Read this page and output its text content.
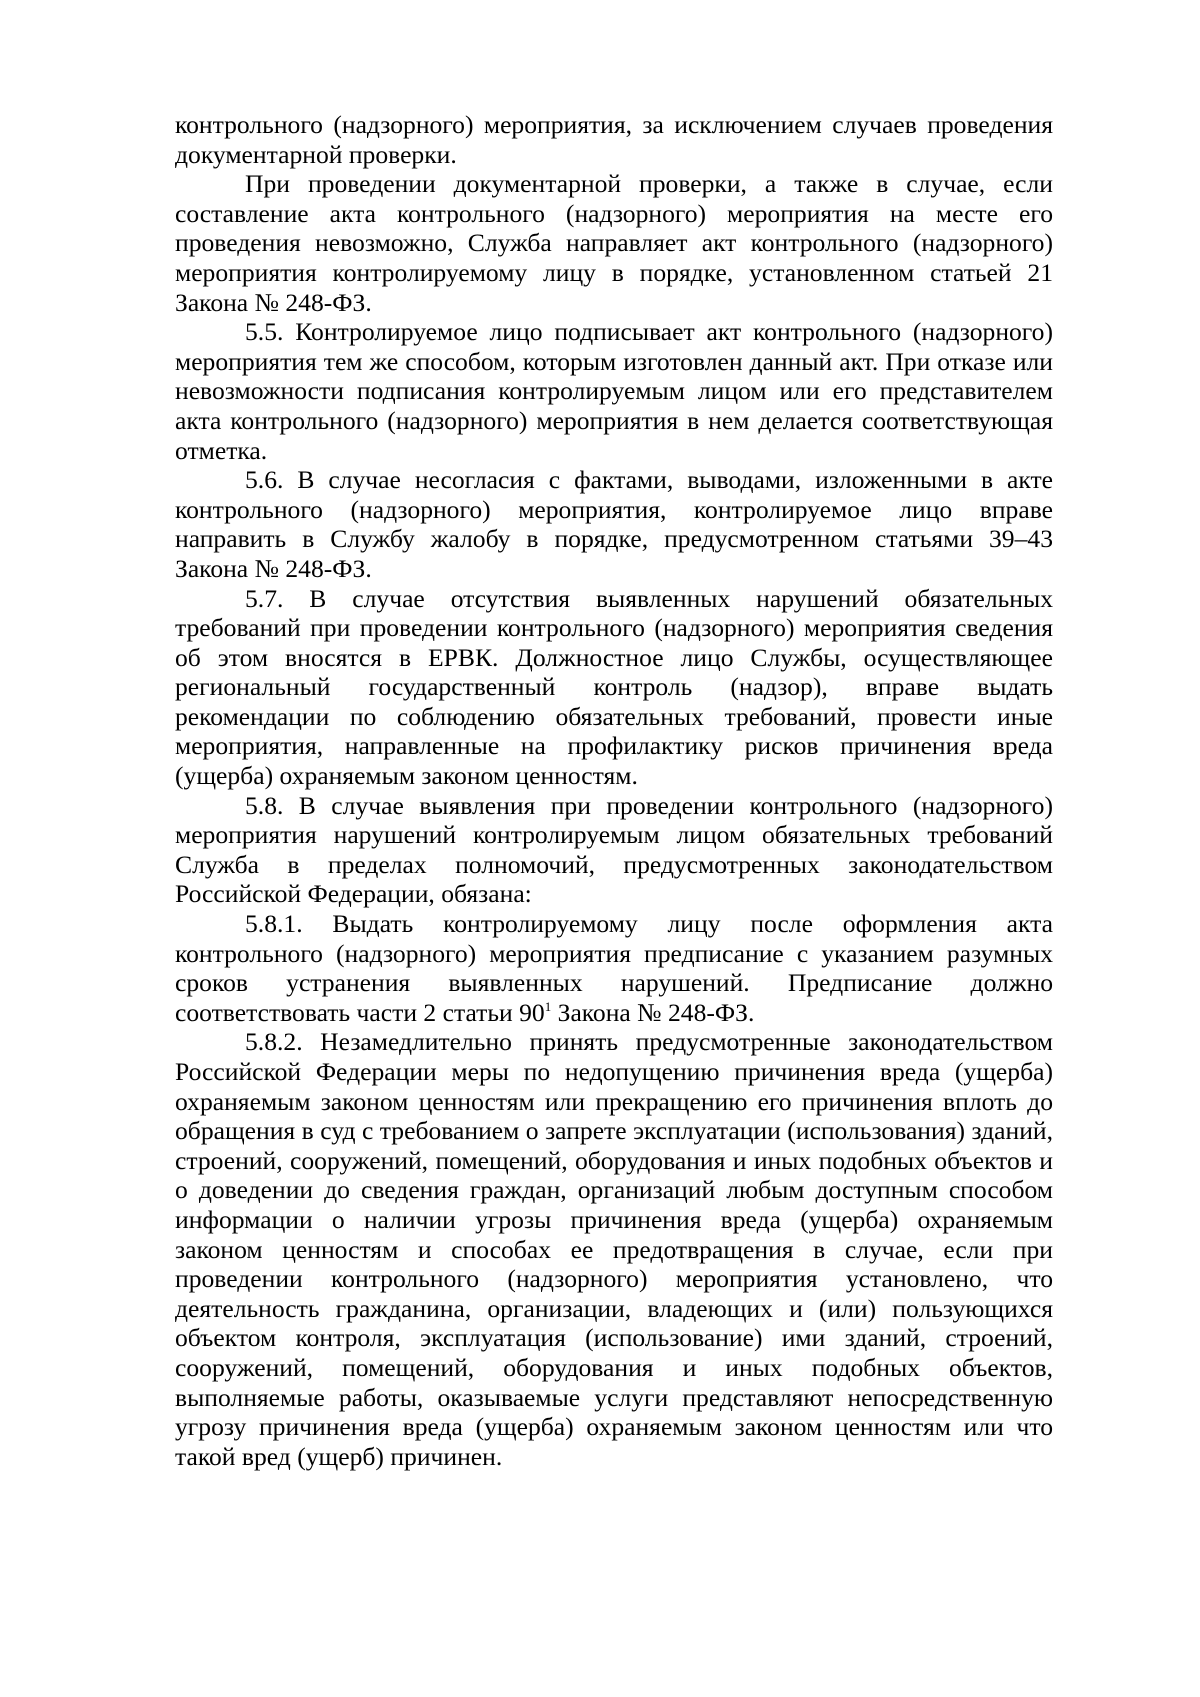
контрольного (надзорного) мероприятия, за исключением случаев проведения документарной проверки.

При проведении документарной проверки, а также в случае, если составление акта контрольного (надзорного) мероприятия на месте его проведения невозможно, Служба направляет акт контрольного (надзорного) мероприятия контролируемому лицу в порядке, установленном статьей 21 Закона № 248-ФЗ.

5.5. Контролируемое лицо подписывает акт контрольного (надзорного) мероприятия тем же способом, которым изготовлен данный акт. При отказе или невозможности подписания контролируемым лицом или его представителем акта контрольного (надзорного) мероприятия в нем делается соответствующая отметка.

5.6. В случае несогласия с фактами, выводами, изложенными в акте контрольного (надзорного) мероприятия, контролируемое лицо вправе направить в Службу жалобу в порядке, предусмотренном статьями 39–43 Закона № 248-ФЗ.

5.7. В случае отсутствия выявленных нарушений обязательных требований при проведении контрольного (надзорного) мероприятия сведения об этом вносятся в ЕРВК. Должностное лицо Службы, осуществляющее региональный государственный контроль (надзор), вправе выдать рекомендации по соблюдению обязательных требований, провести иные мероприятия, направленные на профилактику рисков причинения вреда (ущерба) охраняемым законом ценностям.

5.8. В случае выявления при проведении контрольного (надзорного) мероприятия нарушений контролируемым лицом обязательных требований Служба в пределах полномочий, предусмотренных законодательством Российской Федерации, обязана:

5.8.1. Выдать контролируемому лицу после оформления акта контрольного (надзорного) мероприятия предписание с указанием разумных сроков устранения выявленных нарушений. Предписание должно соответствовать части 2 статьи $90^1$ Закона № 248-ФЗ.

5.8.2. Незамедлительно принять предусмотренные законодательством Российской Федерации меры по недопущению причинения вреда (ущерба) охраняемым законом ценностям или прекращению его причинения вплоть до обращения в суд с требованием о запрете эксплуатации (использования) зданий, строений, сооружений, помещений, оборудования и иных подобных объектов и о доведении до сведения граждан, организаций любым доступным способом информации о наличии угрозы причинения вреда (ущерба) охраняемым законом ценностям и способах ее предотвращения в случае, если при проведении контрольного (надзорного) мероприятия установлено, что деятельность гражданина, организации, владеющих и (или) пользующихся объектом контроля, эксплуатация (использование) ими зданий, строений, сооружений, помещений, оборудования и иных подобных объектов, выполняемые работы, оказываемые услуги представляют непосредственную угрозу причинения вреда (ущерба) охраняемым законом ценностям или что такой вред (ущерб) причинен.
